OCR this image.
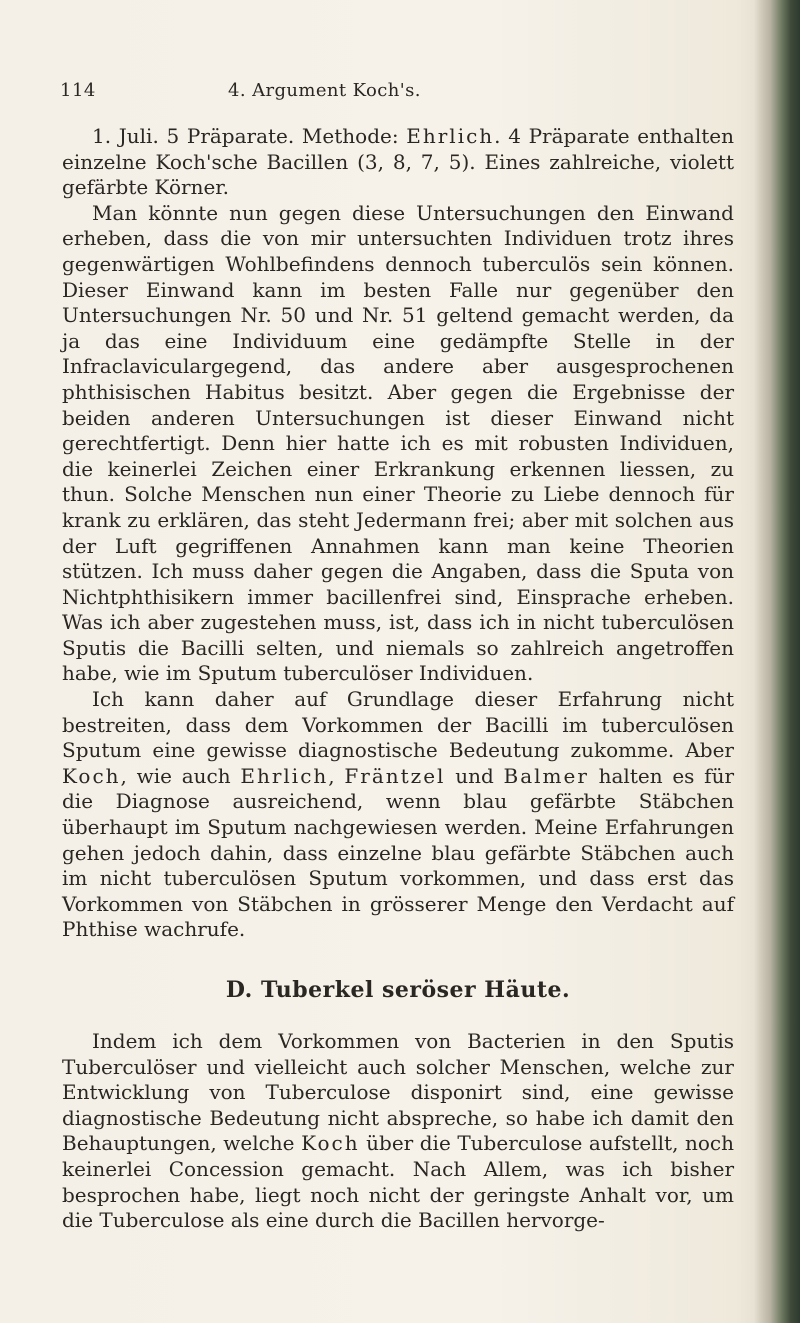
114	4. Argument Koch's.

1. Juli. 5 Präparate. Methode: Ehrlich. 4 Präparate enthalten einzelne Koch'sche Bacillen (3, 8, 7, 5). Eines zahlreiche, violett gefärbte Körner.

Man könnte nun gegen diese Untersuchungen den Einwand erheben, dass die von mir untersuchten Individuen trotz ihres gegenwärtigen Wohlbefindens dennoch tuberculös sein können. Dieser Einwand kann im besten Falle nur gegenüber den Untersuchungen Nr. 50 und Nr. 51 geltend gemacht werden, da ja das eine Individuum eine gedämpfte Stelle in der Infraclaviculargegend, das andere aber ausgesprochenen phthisischen Habitus besitzt. Aber gegen die Ergebnisse der beiden anderen Untersuchungen ist dieser Einwand nicht gerechtfertigt. Denn hier hatte ich es mit robusten Individuen, die keinerlei Zeichen einer Erkrankung erkennen liessen, zu thun. Solche Menschen nun einer Theorie zu Liebe dennoch für krank zu erklären, das steht Jedermann frei; aber mit solchen aus der Luft gegriffenen Annahmen kann man keine Theorien stützen. Ich muss daher gegen die Angaben, dass die Sputa von Nichtphthisikern immer bacillenfrei sind, Einsprache erheben. Was ich aber zugestehen muss, ist, dass ich in nicht tuberculösen Sputis die Bacilli selten, und niemals so zahlreich angetroffen habe, wie im Sputum tuberculöser Individuen.

Ich kann daher auf Grundlage dieser Erfahrung nicht bestreiten, dass dem Vorkommen der Bacilli im tuberculösen Sputum eine gewisse diagnostische Bedeutung zukomme. Aber Koch, wie auch Ehrlich, Fräntzel und Balmer halten es für die Diagnose ausreichend, wenn blau gefärbte Stäbchen überhaupt im Sputum nachgewiesen werden. Meine Erfahrungen gehen jedoch dahin, dass einzelne blau gefärbte Stäbchen auch im nicht tuberculösen Sputum vorkommen, und dass erst das Vorkommen von Stäbchen in grösserer Menge den Verdacht auf Phthise wachrufe.

D. Tuberkel seröser Häute.

Indem ich dem Vorkommen von Bacterien in den Sputis Tuberculöser und vielleicht auch solcher Menschen, welche zur Entwicklung von Tuberculose disponirt sind, eine gewisse diagnostische Bedeutung nicht abspreche, so habe ich damit den Behauptungen, welche Koch über die Tuberculose aufstellt, noch keinerlei Concession gemacht. Nach Allem, was ich bisher besprochen habe, liegt noch nicht der geringste Anhalt vor, um die Tuberculose als eine durch die Bacillen hervorge-
